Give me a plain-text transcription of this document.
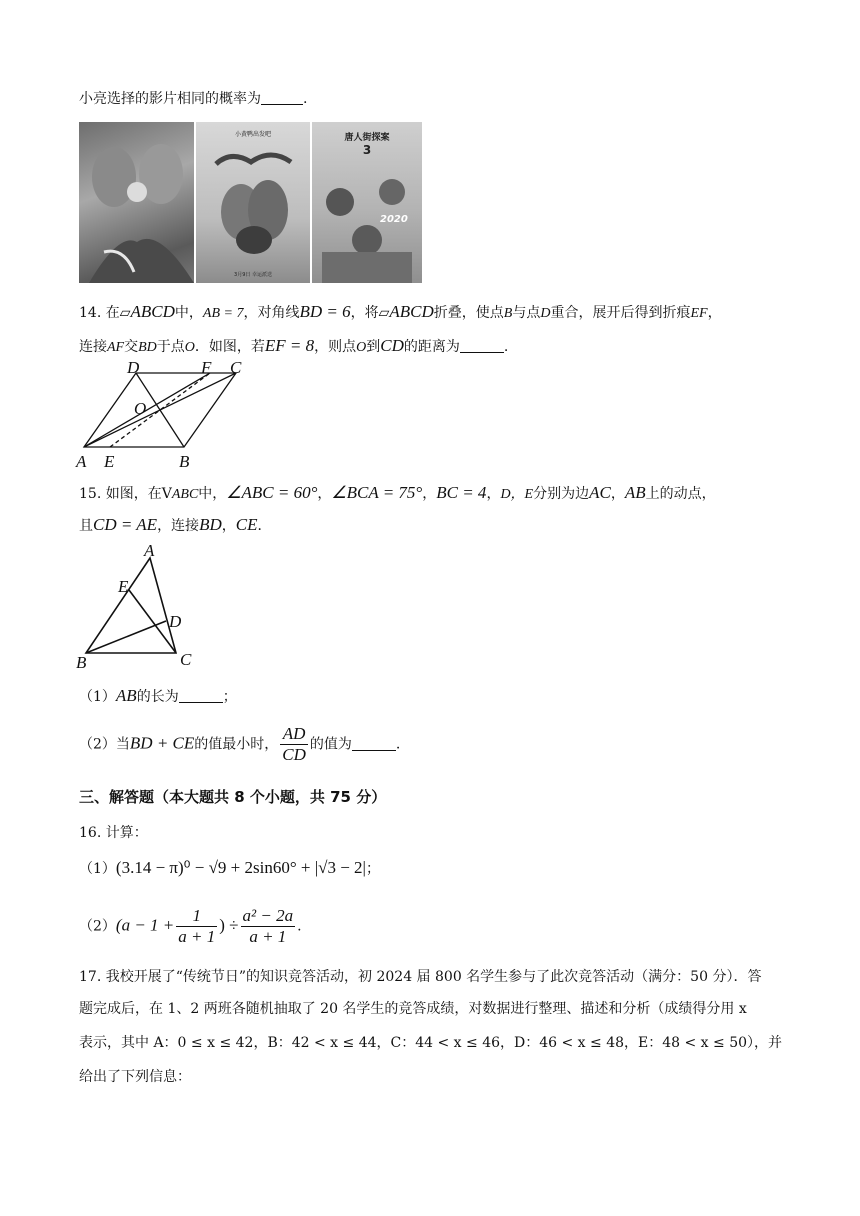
小亮选择的影片相同的概率为	.
小黄鸭出发吧
3月9日 幸运派送
唐人街探案
3
2020
14. 在▱ABCD中，AB = 7，对角线BD = 6，将▱ABCD折叠，使点B与点D重合，展开后得到折痕EF，
连接AF交BD于点O．如图，若EF = 8，则点O到CD的距离为	.
A E	B
C
D	F
O
15. 如图，在VABC中，∠ABC = 60°，∠BCA = 75°，BC = 4，D，E分别为边AC，AB上的动点，
且CD = AE，连接BD，CE．
A
E
D
B	C
（1）AB的长为	；
（2）当BD + CE的值最小时， $\frac{AD}{CD}$ 的值为	.
三、解答题（本大题共 8 个小题，共 75 分）
16. 计算：
（1）(3.14 − π)⁰ − √9 + 2sin60° + |√3 − 2|；
$(2)(a - 1 + \frac{1}{a + 1}$ ) ÷ $\frac{\text{a² − 2a}}{a + 1}$ .
17. 我校开展了“传统节日”的知识竞答活动，初 2024 届 800 名学生参与了此次竞答活动（满分：50 分）．答
题完成后，在 1、2 两班各随机抽取了 20 名学生的竞答成绩，对数据进行整理、描述和分析（成绩得分用 x
表示，其中 A：0 ≤ x ≤ 42，B：42 < x ≤ 44，C：44 < x ≤ 46，D：46 < x ≤ 48，E：48 < x ≤ 50），并
给出了下列信息：
